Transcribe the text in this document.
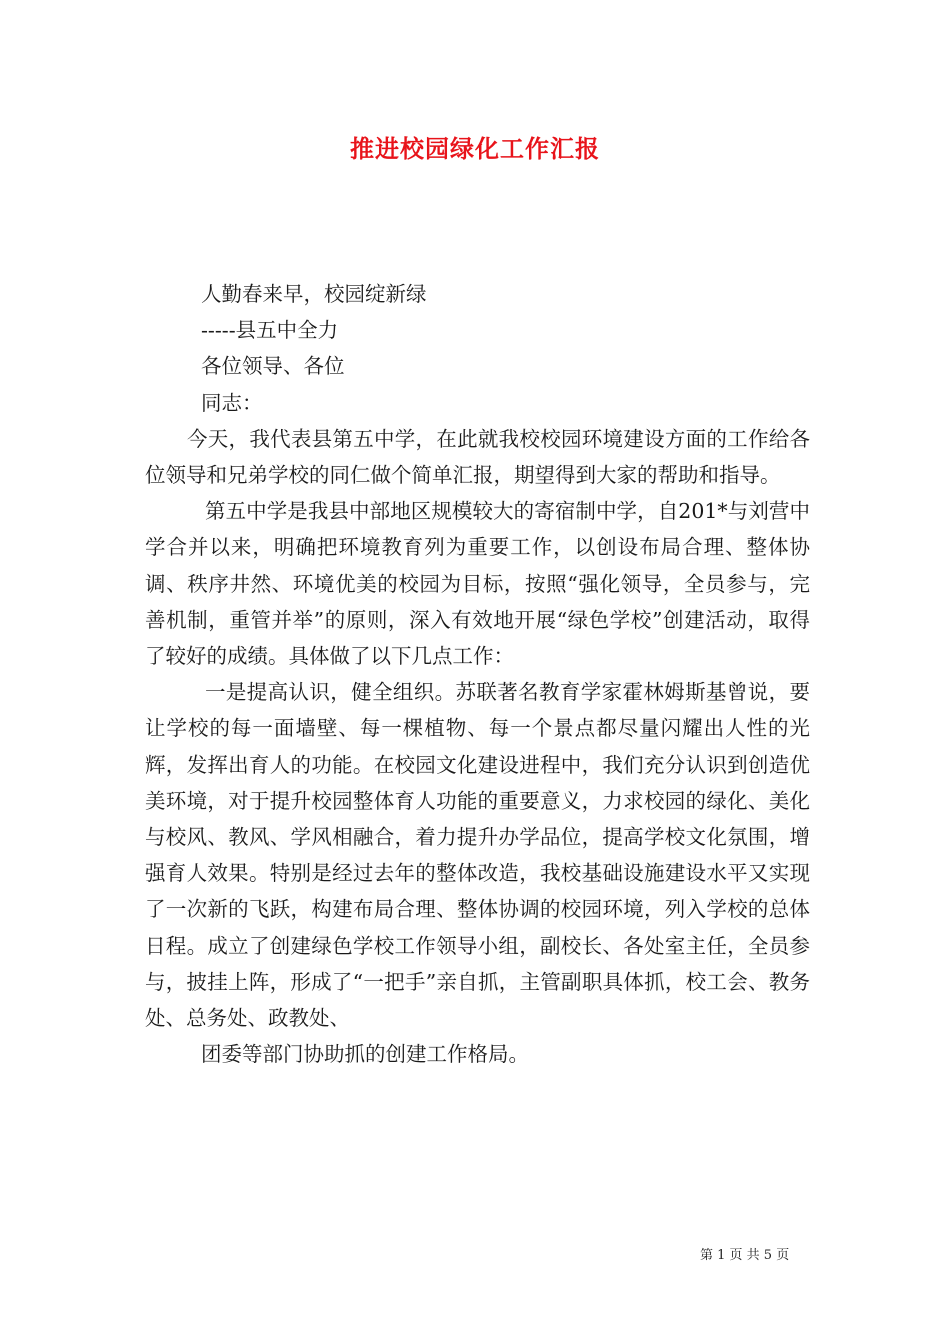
推进校园绿化工作汇报

人勤春来早，校园绽新绿

-----县五中全力

各位领导、各位

同志：

今天，我代表县第五中学，在此就我校校园环境建设方面的工作给各位领导和兄弟学校的同仁做个简单汇报，期望得到大家的帮助和指导。

第五中学是我县中部地区规模较大的寄宿制中学，自201*与刘营中学合并以来，明确把环境教育列为重要工作，以创设布局合理、整体协调、秩序井然、环境优美的校园为目标，按照“强化领导，全员参与，完善机制，重管并举”的原则，深入有效地开展“绿色学校”创建活动，取得了较好的成绩。具体做了以下几点工作：

一是提高认识，健全组织。苏联著名教育学家霍林姆斯基曾说，要让学校的每一面墙壁、每一棵植物、每一个景点都尽量闪耀出人性的光辉，发挥出育人的功能。在校园文化建设进程中，我们充分认识到创造优美环境，对于提升校园整体育人功能的重要意义，力求校园的绿化、美化与校风、教风、学风相融合，着力提升办学品位，提高学校文化氛围，增强育人效果。特别是经过去年的整体改造，我校基础设施建设水平又实现了一次新的飞跃，构建布局合理、整体协调的校园环境，列入学校的总体日程。成立了创建绿色学校工作领导小组，副校长、各处室主任，全员参与，披挂上阵，形成了“一把手”亲自抓，主管副职具体抓，校工会、教务处、总务处、政教处、

团委等部门协助抓的创建工作格局。

第 1 页 共 5 页
